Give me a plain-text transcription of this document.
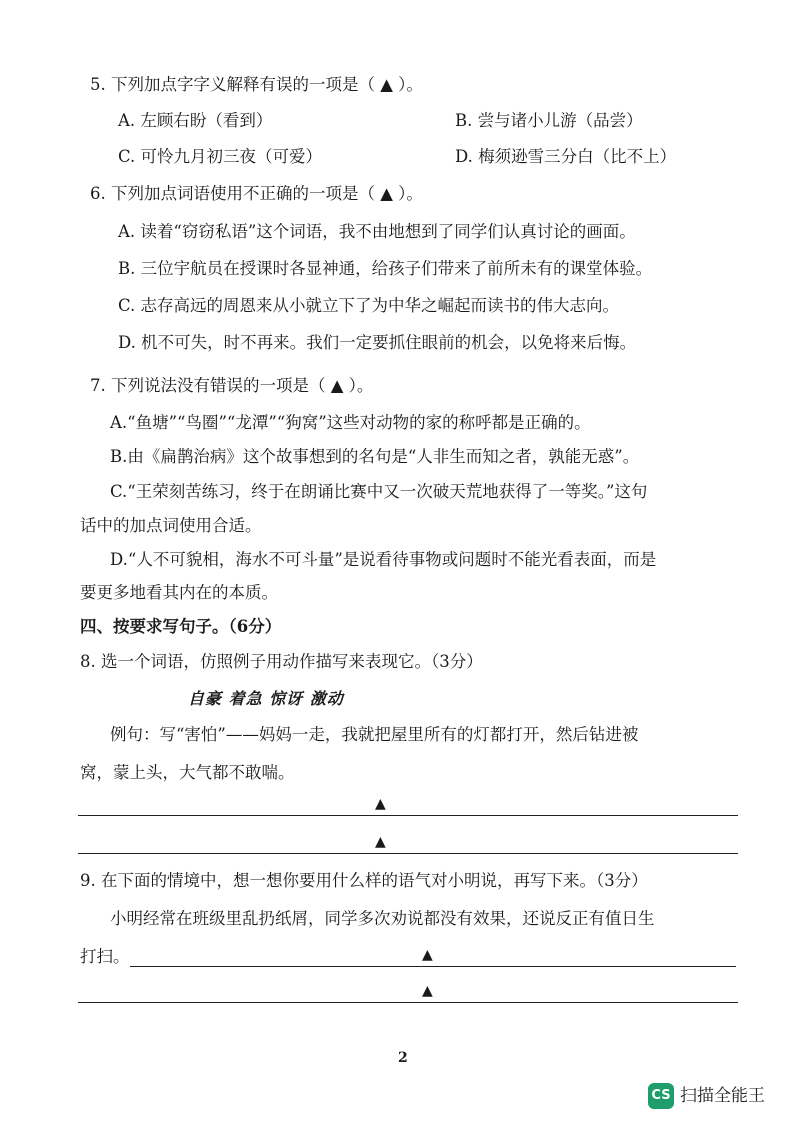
5. 下列加点字字义解释有误的一项是（ ▲ ）。
A. 左顾右盼（看到）	B. 尝与诸小儿游（品尝）
C. 可怜九月初三夜（可爱）	D. 梅须逊雪三分白（比不上）
6. 下列加点词语使用不正确的一项是（ ▲ ）。
A. 读着“窃窃私语”这个词语，我不由地想到了同学们认真讨论的画面。
B. 三位宇航员在授课时各显神通，给孩子们带来了前所未有的课堂体验。
C. 志存高远的周恩来从小就立下了为中华之崛起而读书的伟大志向。
D. 机不可失，时不再来。我们一定要抓住眼前的机会，以免将来后悔。
7. 下列说法没有错误的一项是（ ▲ ）。
A.“鱼塘”“鸟圈”“龙潭”“狗窝”这些对动物的家的称呼都是正确的。
B.由《扁鹊治病》这个故事想到的名句是“人非生而知之者，孰能无惑”。
C.“王荣刻苦练习，终于在朗诵比赛中又一次破天荒地获得了一等奖。”这句
话中的加点词使用合适。
D.“人不可貌相，海水不可斗量”是说看待事物或问题时不能光看表面，而是
要更多地看其内在的本质。
四、按要求写句子。（6分）
8. 选一个词语，仿照例子用动作描写来表现它。（3分）
自豪 着急 惊讶 激动
例句：写“害怕”——妈妈一走，我就把屋里所有的灯都打开，然后钻进被
窝，蒙上头，大气都不敢喘。
▲
▲
9. 在下面的情境中，想一想你要用什么样的语气对小明说，再写下来。（3分）
小明经常在班级里乱扔纸屑，同学多次劝说都没有效果，还说反正有值日生
打扫。	▲
▲
2
CS 扫描全能王
